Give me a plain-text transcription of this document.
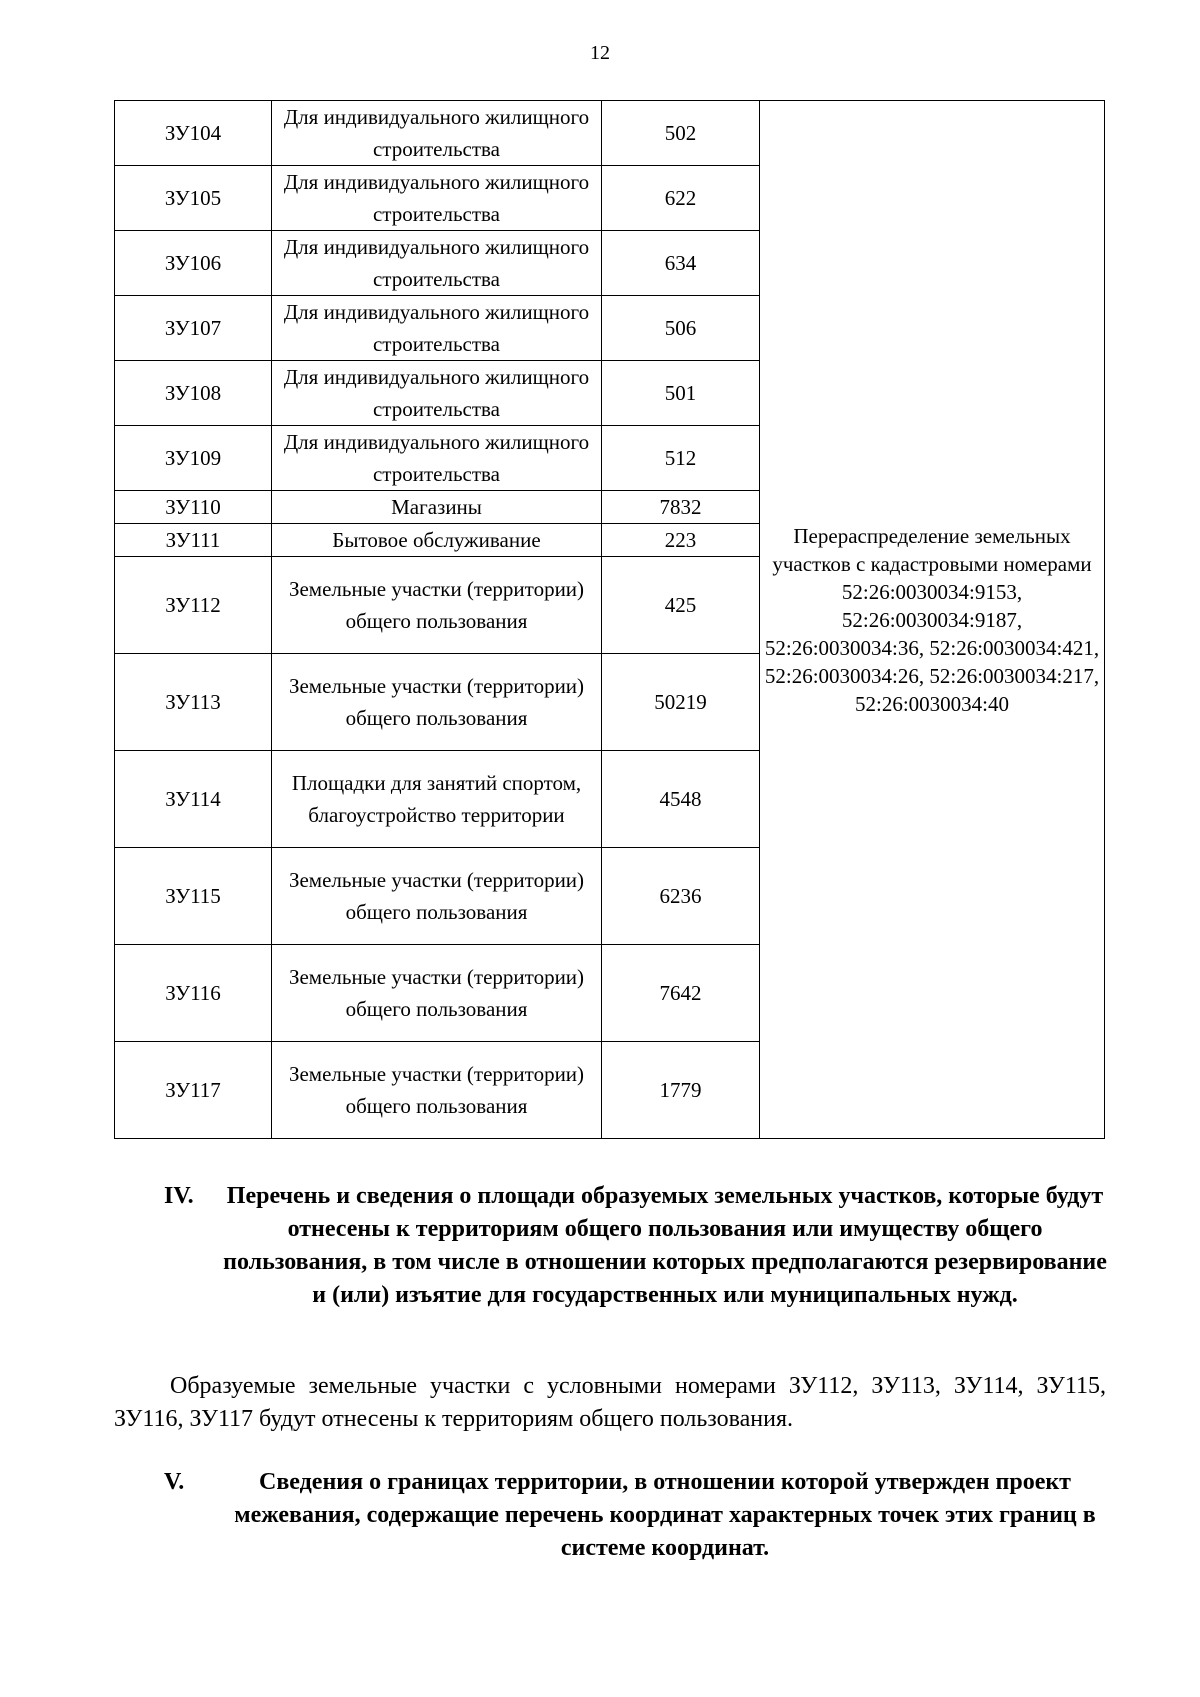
12
ЗУ104	Для индивидуального жилищного строительства	502	Перераспределение земельных участков с кадастровыми номерами 52:26:0030034:9153, 52:26:0030034:9187, 52:26:0030034:36, 52:26:0030034:421, 52:26:0030034:26, 52:26:0030034:217, 52:26:0030034:40
ЗУ105	Для индивидуального жилищного строительства	622	
ЗУ106	Для индивидуального жилищного строительства	634	
ЗУ107	Для индивидуального жилищного строительства	506	
ЗУ108	Для индивидуального жилищного строительства	501	
ЗУ109	Для индивидуального жилищного строительства	512	
ЗУ110	Магазины	7832	
ЗУ111	Бытовое обслуживание	223	
ЗУ112	Земельные участки (территории) общего пользования	425	
ЗУ113	Земельные участки (территории) общего пользования	50219	
ЗУ114	Площадки для занятий спортом, благоустройство территории	4548	
ЗУ115	Земельные участки (территории) общего пользования	6236	
ЗУ116	Земельные участки (территории) общего пользования	7642	
ЗУ117	Земельные участки (территории) общего пользования	1779	
IV. Перечень и сведения о площади образуемых земельных участков, которые будут отнесены к территориям общего пользования или имуществу общего пользования, в том числе в отношении которых предполагаются резервирование и (или) изъятие для государственных или муниципальных нужд.
Образуемые земельные участки с условными номерами ЗУ112, ЗУ113, ЗУ114, ЗУ115, ЗУ116, ЗУ117 будут отнесены к территориям общего пользования.
V.	Сведения о границах территории, в отношении которой утвержден проект межевания, содержащие перечень координат характерных точек этих границ в системе координат.
